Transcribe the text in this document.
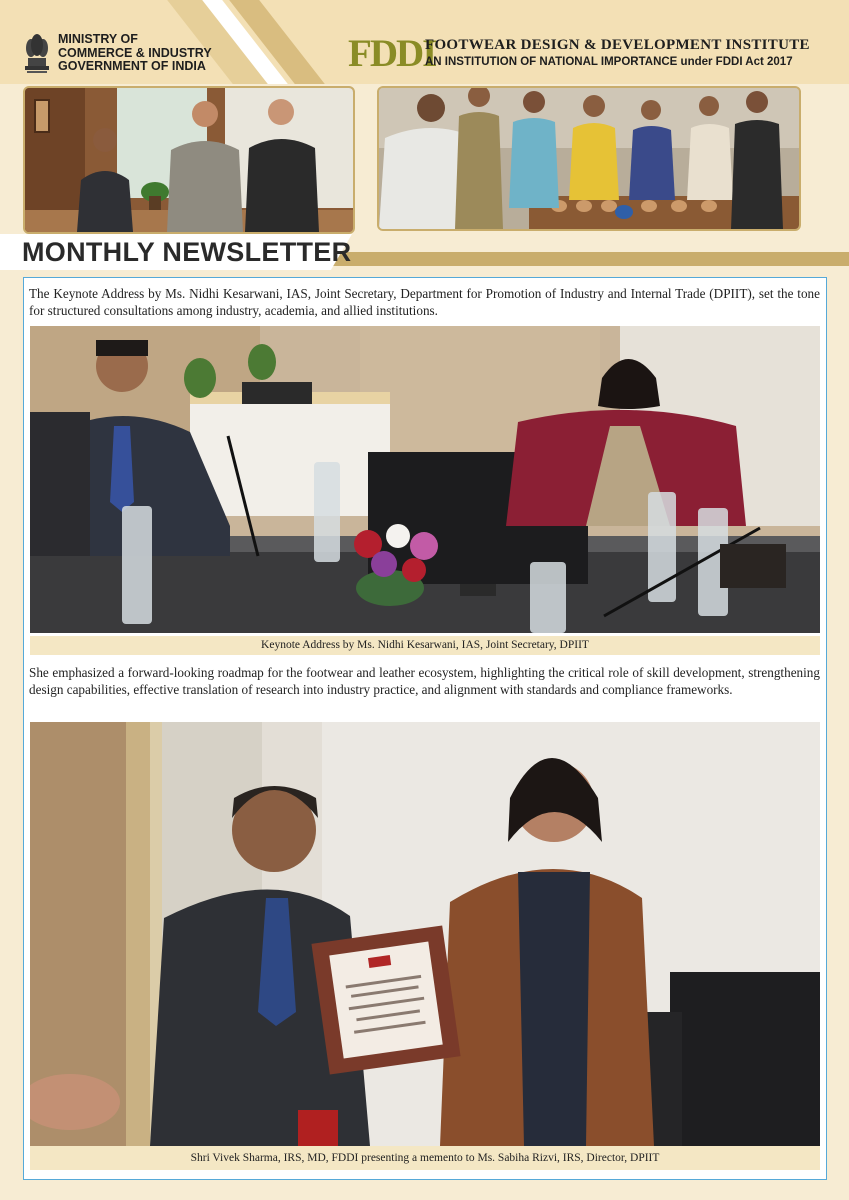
MINISTRY OF
COMMERCE & INDUSTRY
GOVERNMENT OF INDIA	FDDI
FOOTWEAR DESIGN & DEVELOPMENT INSTITUTE
AN INSTITUTION OF NATIONAL IMPORTANCE under FDDI Act 2017
MONTHLY NEWSLETTER
The Keynote Address by Ms. Nidhi Kesarwani, IAS, Joint Secretary, Department for Promotion of Industry and Internal Trade (DPIIT), set the tone for structured consultations among industry, academia, and allied institutions.
Keynote Address by Ms. Nidhi Kesarwani, IAS, Joint Secretary, DPIIT
She emphasized a forward-looking roadmap for the footwear and leather ecosystem, highlighting the critical role of skill development, strengthening design capabilities, effective translation of research into industry practice, and alignment with standards and compliance frameworks.
Shri Vivek Sharma, IRS, MD, FDDI presenting a memento to Ms. Sabiha Rizvi, IRS, Director, DPIIT
